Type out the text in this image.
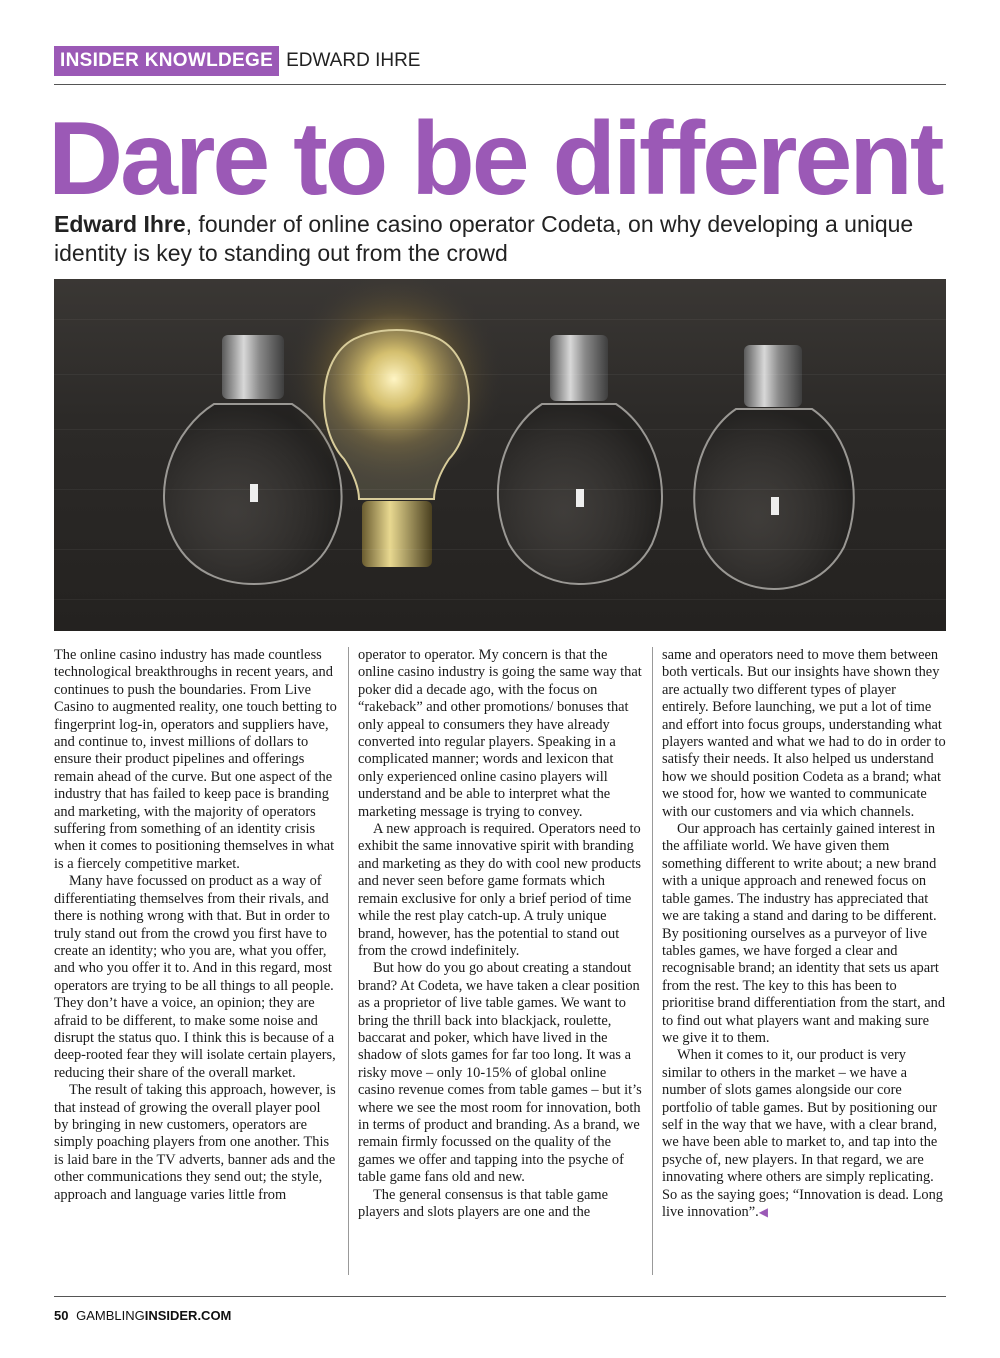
INSIDER KNOWLDEGE EDWARD IHRE
Dare to be different
Edward Ihre, founder of online casino operator Codeta, on why developing a unique identity is key to standing out from the crowd

The online casino industry has made countless technological breakthroughs in recent years, and continues to push the boundaries. From Live Casino to augmented reality, one touch betting to fingerprint log-in, operators and suppliers have, and continue to, invest millions of dollars to ensure their product pipelines and offerings remain ahead of the curve. But one aspect of the industry that has failed to keep pace is branding and marketing, with the majority of operators suffering from something of an identity crisis when it comes to positioning themselves in what is a fiercely competitive market.

Many have focussed on product as a way of differentiating themselves from their rivals, and there is nothing wrong with that. But in order to truly stand out from the crowd you first have to create an identity; who you are, what you offer, and who you offer it to. And in this regard, most operators are trying to be all things to all people. They don’t have a voice, an opinion; they are afraid to be different, to make some noise and disrupt the status quo. I think this is because of a deep-rooted fear they will isolate certain players, reducing their share of the overall market.

The result of taking this approach, however, is that instead of growing the overall player pool by bringing in new customers, operators are simply poaching players from one another. This is laid bare in the TV adverts, banner ads and the other communications they send out; the style, approach and language varies little from

operator to operator. My concern is that the online casino industry is going the same way that poker did a decade ago, with the focus on “rakeback” and other promotions/ bonuses that only appeal to consumers they have already converted into regular players. Speaking in a complicated manner; words and lexicon that only experienced online casino players will understand and be able to interpret what the marketing message is trying to convey.

A new approach is required. Operators need to exhibit the same innovative spirit with branding and marketing as they do with cool new products and never seen before game formats which remain exclusive for only a brief period of time while the rest play catch-up. A truly unique brand, however, has the potential to stand out from the crowd indefinitely.

But how do you go about creating a standout brand? At Codeta, we have taken a clear position as a proprietor of live table games. We want to bring the thrill back into blackjack, roulette, baccarat and poker, which have lived in the shadow of slots games for far too long. It was a risky move – only 10-15% of global online casino revenue comes from table games – but it’s where we see the most room for innovation, both in terms of product and branding. As a brand, we remain firmly focussed on the quality of the games we offer and tapping into the psyche of table game fans old and new.

The general consensus is that table game players and slots players are one and the

same and operators need to move them between both verticals. But our insights have shown they are actually two different types of player entirely. Before launching, we put a lot of time and effort into focus groups, understanding what players wanted and what we had to do in order to satisfy their needs. It also helped us understand how we should position Codeta as a brand; what we stood for, how we wanted to communicate with our customers and via which channels.

Our approach has certainly gained interest in the affiliate world. We have given them something different to write about; a new brand with a unique approach and renewed focus on table games. The industry has appreciated that we are taking a stand and daring to be different. By positioning ourselves as a purveyor of live tables games, we have forged a clear and recognisable brand; an identity that sets us apart from the rest. The key to this has been to prioritise brand differentiation from the start, and to find out what players want and making sure we give it to them.

When it comes to it, our product is very similar to others in the market – we have a number of slots games alongside our core portfolio of table games. But by positioning our self in the way that we have, with a clear brand, we have been able to market to, and tap into the psyche of, new players. In that regard, we are innovating where others are simply replicating. So as the saying goes; “Innovation is dead. Long live innovation”.◀

50 GAMBLINGINSIDER.COM
